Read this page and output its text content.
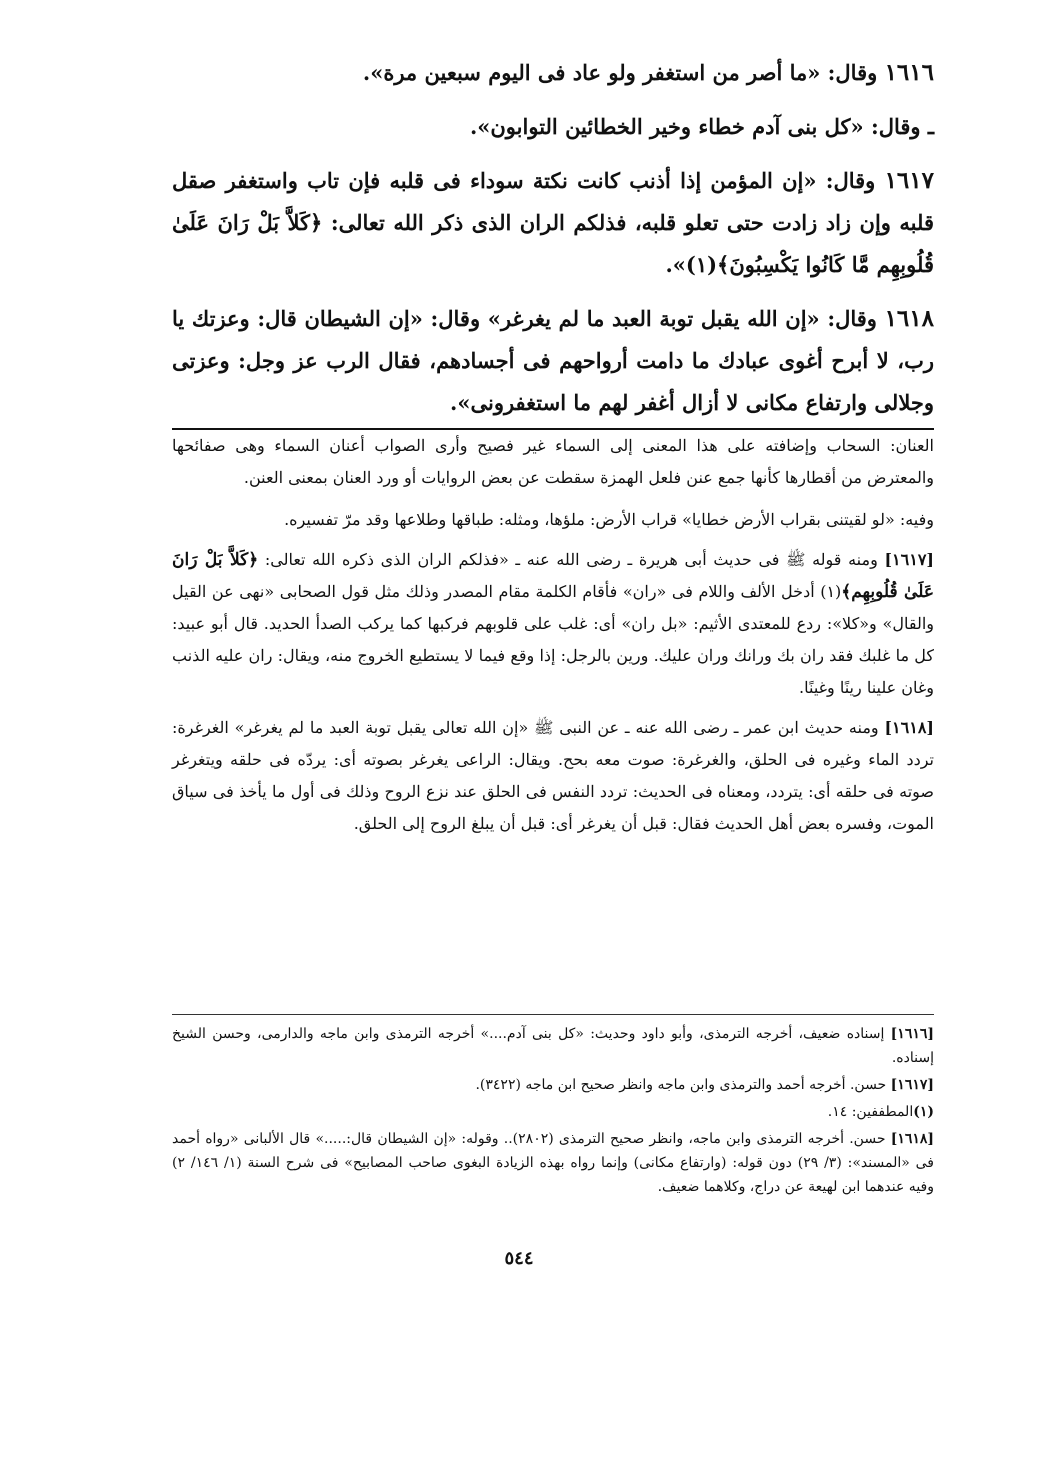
١٦١٦ وقال: «ما أصر من استغفر ولو عاد فى اليوم سبعين مرة».

ـ وقال: «كل بنى آدم خطاء وخير الخطائين التوابون».

١٦١٧ وقال: «إن المؤمن إذا أذنب كانت نكتة سوداء فى قلبه فإن تاب واستغفر صقل قلبه وإن زاد زادت حتى تعلو قلبه، فذلكم الران الذى ذكر الله تعالى: ﴿كَلاَّ بَلْ رَانَ عَلَىٰ قُلُوبِهِم مَّا كَانُوا يَكْسِبُونَ﴾(١)».

١٦١٨ وقال: «إن الله يقبل توبة العبد ما لم يغرغر» وقال: «إن الشيطان قال: وعزتك يا رب، لا أبرح أغوى عبادك ما دامت أرواحهم فى أجسادهم، فقال الرب عز وجل: وعزتى وجلالى وارتفاع مكانى لا أزال أغفر لهم ما استغفرونى».

العنان: السحاب وإضافته على هذا المعنى إلى السماء غير فصيح وأرى الصواب أعنان السماء وهى صفائحها والمعترض من أقطارها كأنها جمع عنن فلعل الهمزة سقطت عن بعض الروايات أو ورد العنان بمعنى العنن.

وفيه: «لو لقيتنى بقراب الأرض خطايا» قراب الأرض: ملؤها، ومثله: طباقها وطلاعها وقد مرّ تفسيره.

[١٦١٧] ومنه قوله ﷺ فى حديث أبى هريرة ـ رضى الله عنه ـ «فذلكم الران الذى ذكره الله تعالى: ﴿كَلاَّ بَلْ رَانَ عَلَىٰ قُلُوبِهِم﴾(١) أدخل الألف واللام فى «ران» فأقام الكلمة مقام المصدر وذلك مثل قول الصحابى «نهى عن القيل والقال» و«كلا»: ردع للمعتدى الأثيم: «بل ران» أى: غلب على قلوبهم فركبها كما يركب الصدأ الحديد. قال أبو عبيد: كل ما غلبك فقد ران بك ورانك وران عليك. ورين بالرجل: إذا وقع فيما لا يستطيع الخروج منه، ويقال: ران عليه الذنب وغان علينا رينًا وغينًا.

[١٦١٨] ومنه حديث ابن عمر ـ رضى الله عنه ـ عن النبى ﷺ «إن الله تعالى يقبل توبة العبد ما لم يغرغر» الغرغرة: تردد الماء وغيره فى الحلق، والغرغرة: صوت معه بحح. ويقال: الراعى يغرغر بصوته أى: يردّه فى حلقه ويتغرغر صوته فى حلقه أى: يتردد، ومعناه فى الحديث: تردد النفس فى الحلق عند نزع الروح وذلك فى أول ما يأخذ فى سياق الموت، وفسره بعض أهل الحديث فقال: قبل أن يغرغر أى: قبل أن يبلغ الروح إلى الحلق.

[١٦١٦] إسناده ضعيف، أخرجه الترمذى، وأبو داود وحديث: «كل بنى آدم....» أخرجه الترمذى وابن ماجه والدارمى، وحسن الشيخ إسناده.

[١٦١٧] حسن. أخرجه أحمد والترمذى وابن ماجه وانظر صحيح ابن ماجه (٣٤٢٢).

(١)المطففين: ١٤.

[١٦١٨] حسن. أخرجه الترمذى وابن ماجه، وانظر صحيح الترمذى (٢٨٠٢).. وقوله: «إن الشيطان قال:.....» قال الألبانى «رواه أحمد فى «المسند»: (٣/ ٢٩) دون قوله: (وارتفاع مكانى) وإنما رواه بهذه الزيادة البغوى صاحب المصابيح» فى شرح السنة (١/ ١٤٦/ ٢) وفيه عندهما ابن لهيعة عن دراج، وكلاهما ضعيف.

٥٤٤
